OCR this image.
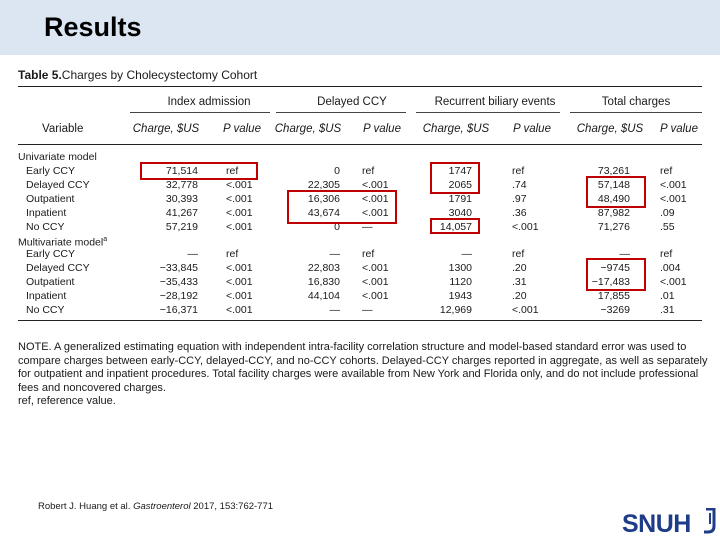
Results
Table 5.Charges by Cholecystectomy Cohort
Index admission	Delayed CCY	Recurrent biliary events	Total charges
Variable	Charge, $US	P value	Charge, $US	P value	Charge, $US	P value	Charge, $US	P value
Univariate model
Early CCY	71,514	ref	0 ref	1747	ref	73,261	ref
Delayed CCY	32,778	<.001	22,305 <.001	2065	.74	57,148	<.001
Outpatient	30,393	<.001	16,306 <.001	1791	.97	48,490	<.001
Inpatient	41,267	<.001	43,674 <.001	3040	.36	87,982	.09
No CCY	57,219	<.001	0 —	14,057	<.001	71,276	.55
Multivariate model$^a$
Early CCY	—	ref	— ref	—	ref	—	ref
Delayed CCY	−33,845	<.001	22,803 <.001	1300	.20	−9745	.004
Outpatient	−35,433	<.001	16,830 <.001	1120	.31	−17,483	<.001
Inpatient	−28,192	<.001	44,104 <.001	1943	.20	17,855	.01
No CCY	−16,371	<.001	— —	12,969	<.001	−3269	.31
NOTE. A generalized estimating equation with independent intra-facility correlation structure and model-based standard error was used to compare charges between early-CCY, delayed-CCY, and no-CCY cohorts. Delayed-CCY charges reported in aggregate, as well as separately for outpatient and inpatient procedures. Total facility charges were available from New York and Florida only, and do not include professional fees and noncovered charges.
ref, reference value.
Robert J. Huang et al. Gastroenterol 2017, 153:762-771
SNUH
